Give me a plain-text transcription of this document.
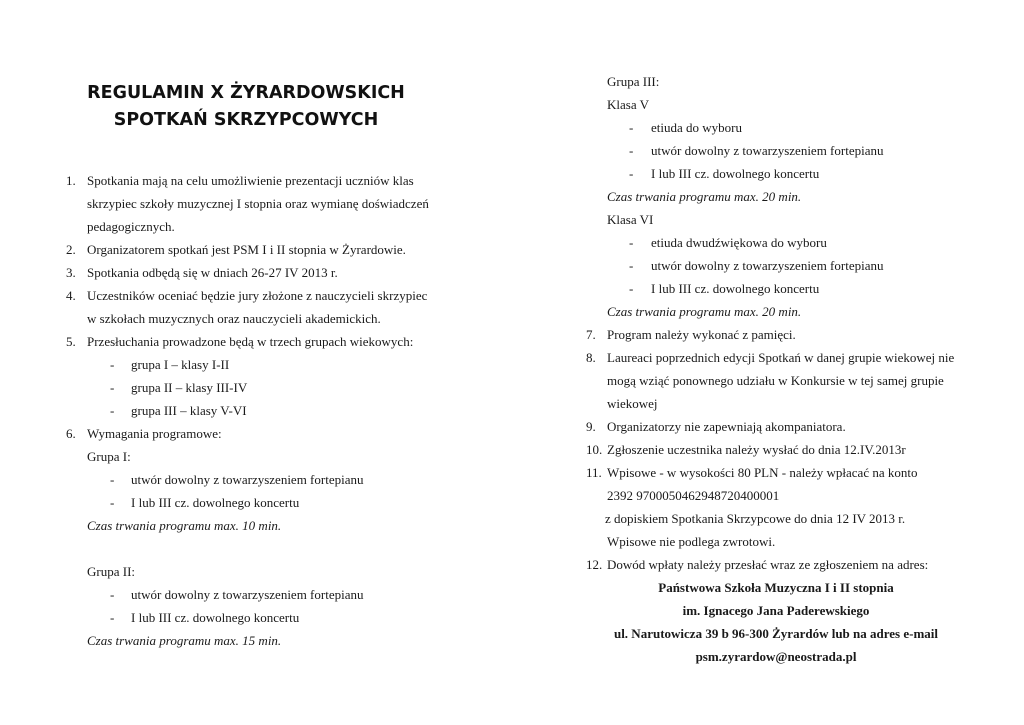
REGULAMIN X ŻYRARDOWSKICH
SPOTKAŃ SKRZYPCOWYCH
1. Spotkania mają na celu umożliwienie prezentacji uczniów klas
skrzypiec szkoły muzycznej I stopnia oraz wymianę doświadczeń
pedagogicznych.
2. Organizatorem spotkań jest PSM I i II stopnia w Żyrardowie.
3. Spotkania odbędą się w dniach 26-27 IV 2013 r.
4. Uczestników oceniać będzie jury złożone z nauczycieli skrzypiec
w szkołach muzycznych oraz nauczycieli akademickich.
5. Przesłuchania prowadzone będą w trzech grupach wiekowych:
- grupa I – klasy I-II
- grupa II – klasy III-IV
- grupa III – klasy V-VI
6. Wymagania programowe:
Grupa I:
- utwór dowolny z towarzyszeniem fortepianu
- I lub III cz. dowolnego koncertu
Czas trwania programu max. 10 min.
Grupa II:
- utwór dowolny z towarzyszeniem fortepianu
- I lub III cz. dowolnego koncertu
Czas trwania programu max. 15 min.
Grupa III:
Klasa V
- etiuda do wyboru
- utwór dowolny z towarzyszeniem fortepianu
- I lub III cz. dowolnego koncertu
Czas trwania programu max. 20 min.
Klasa VI
- etiuda dwudźwiękowa do wyboru
- utwór dowolny z towarzyszeniem fortepianu
- I lub III cz. dowolnego koncertu
Czas trwania programu max. 20 min.
7. Program należy wykonać z pamięci.
8. Laureaci poprzednich edycji Spotkań w danej grupie wiekowej nie
mogą wziąć ponownego udziału w Konkursie w tej samej grupie
wiekowej
9. Organizatorzy nie zapewniają akompaniatora.
10. Zgłoszenie uczestnika należy wysłać do dnia 12.IV.2013r
11. Wpisowe - w wysokości 80 PLN - należy wpłacać na konto
2392 970005046294872040000​1
z dopiskiem Spotkania Skrzypcowe do dnia 12 IV 2013 r.
Wpisowe nie podlega zwrotowi.
12. Dowód wpłaty należy przesłać wraz ze zgłoszeniem na adres:
Państwowa Szkoła Muzyczna I i II stopnia
im. Ignacego Jana Paderewskiego
ul. Narutowicza 39 b 96-300 Żyrardów lub na adres e-mail
psm.zyrardow@neostrada.pl
